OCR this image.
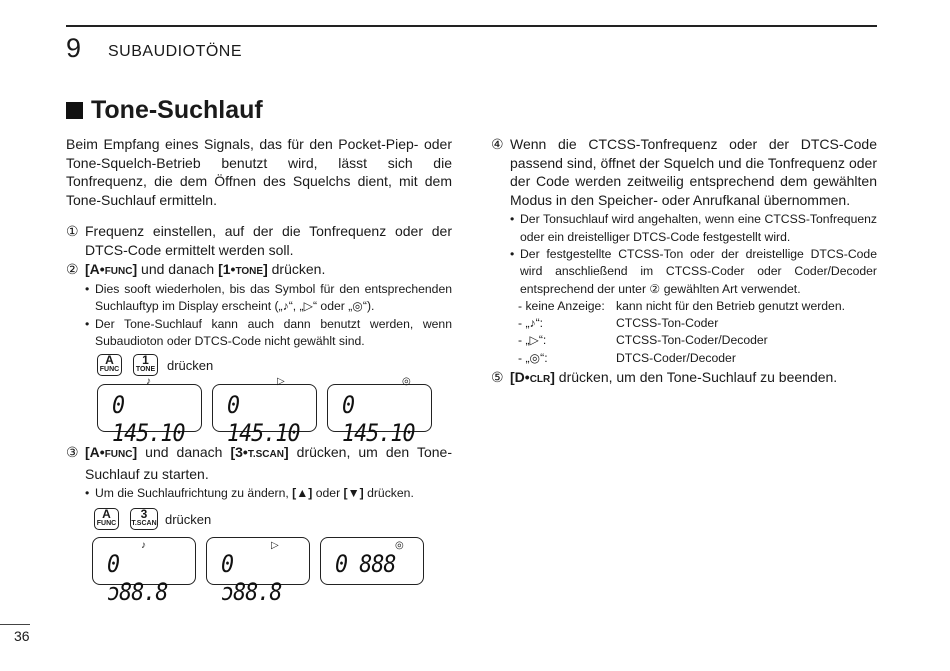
9 SUBAUDIOTÖNE
Tone-Suchlauf
Beim Empfang eines Signals, das für den Pocket-Piep- oder Tone-Squelch-Betrieb benutzt wird, lässt sich die Tonfrequenz, die dem Öffnen des Squelchs dient, mit dem Tone-Suchlauf ermitteln.
① Frequenz einstellen, auf der die Tonfrequenz oder der DTCS-Code ermittelt werden soll.
② [A•FUNC] und danach [1•TONE] drücken.
• Dies sooft wiederholen, bis das Symbol für den entsprechenden Suchlauftyp im Display erscheint („♪“, „▷“ oder „◎“).
• Der Tone-Suchlauf kann auch dann benutzt werden, wenn Subaudioton oder DTCS-Code nicht gewählt sind.
A
FUNC
1
TONE drücken
♪
0 145.10
▷
0 145.10
◎
0 145.10
③ [A•FUNC] und danach [3•T.SCAN] drücken, um den Tone-Suchlauf zu starten.
• Um die Suchlaufrichtung zu ändern, [▲] oder [▼] drücken.
A
FUNC
3
T.SCAN drücken
♪
0 ɔ88.8
▷
0 ɔ88.8
◎
0 888
④ Wenn die CTCSS-Tonfrequenz oder der DTCS-Code passend sind, öffnet der Squelch und die Tonfrequenz oder der Code werden zeitweilig entsprechend dem gewählten Modus in den Speicher- oder Anrufkanal übernommen.
• Der Tonsuchlauf wird angehalten, wenn eine CTCSS-Tonfrequenz oder ein dreistelliger DTCS-Code festgestellt wird.
• Der festgestellte CTCSS-Ton oder der dreistellige DTCS-Code wird anschließend im CTCSS-Coder oder Coder/Decoder entsprechend der unter ② gewählten Art verwendet.
- keine Anzeige: kann nicht für den Betrieb genutzt werden.
- „♪“:	CTCSS-Ton-Coder
- „▷“:	CTCSS-Ton-Coder/Decoder
- „◎“:	DTCS-Coder/Decoder
⑤ [D•CLR] drücken, um den Tone-Suchlauf zu beenden.
36
